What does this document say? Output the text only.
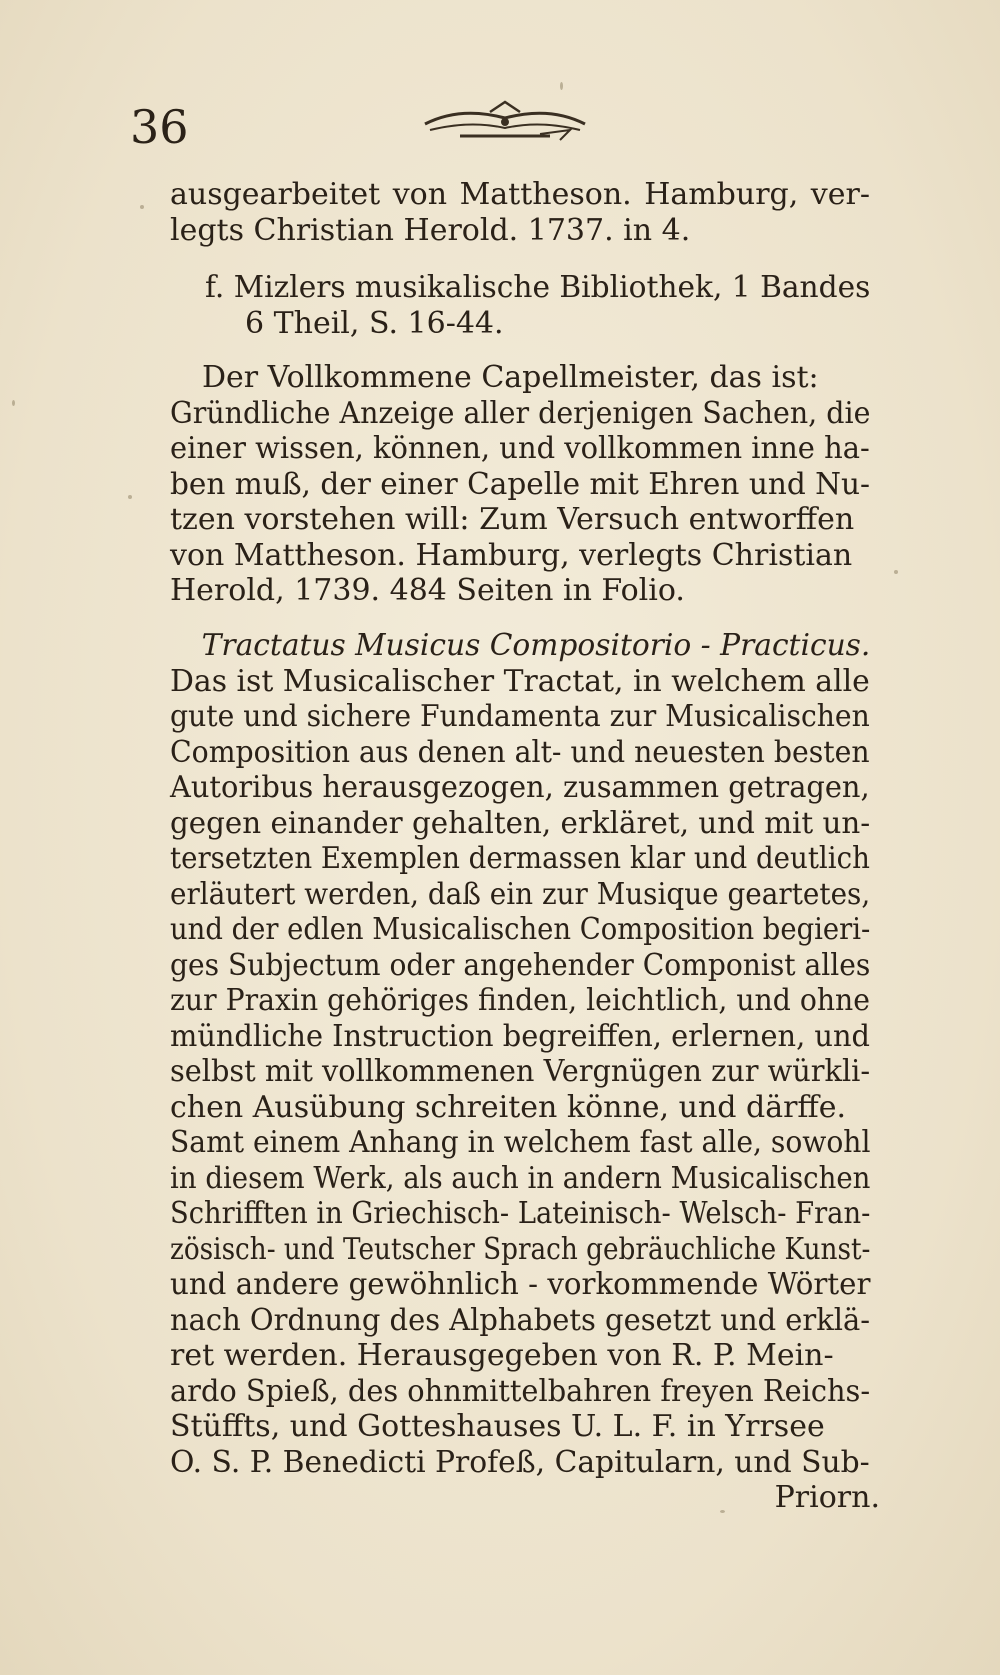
36
ausgearbeitet von Mattheson. Hamburg, ver-
legts Christian Herold. 1737. in 4.
f. Mizlers musikalische Bibliothek, 1 Bandes
6 Theil, S. 16-44.
Der Vollkommene Capellmeister, das ist:
Gründliche Anzeige aller derjenigen Sachen, die
einer wissen, können, und vollkommen inne ha-
ben muß, der einer Capelle mit Ehren und Nu-
tzen vorstehen will: Zum Versuch entworffen
von Mattheson. Hamburg, verlegts Christian
Herold, 1739. 484 Seiten in Folio.
Tractatus Musicus Compositorio - Practicus.
Das ist Musicalischer Tractat, in welchem alle
gute und sichere Fundamenta zur Musicalischen
Composition aus denen alt- und neuesten besten
Autoribus herausgezogen, zusammen getragen,
gegen einander gehalten, erkläret, und mit un-
tersetzten Exemplen dermassen klar und deutlich
erläutert werden, daß ein zur Musique geartetes,
und der edlen Musicalischen Composition begieri-
ges Subjectum oder angehender Componist alles
zur Praxin gehöriges finden, leichtlich, und ohne
mündliche Instruction begreiffen, erlernen, und
selbst mit vollkommenen Vergnügen zur würkli-
chen Ausübung schreiten könne, und därffe.
Samt einem Anhang in welchem fast alle, sowohl
in diesem Werk, als auch in andern Musicalischen
Schrifften in Griechisch- Lateinisch- Welsch- Fran-
zösisch- und Teutscher Sprach gebräuchliche Kunst-
und andere gewöhnlich - vorkommende Wörter
nach Ordnung des Alphabets gesetzt und erklä-
ret werden. Herausgegeben von R. P. Mein-
ardo Spieß, des ohnmittelbahren freyen Reichs-
Stüffts, und Gotteshauses U. L. F. in Yrrsee
O. S. P. Benedicti Profeß, Capitularn, und Sub-
Priorn.
